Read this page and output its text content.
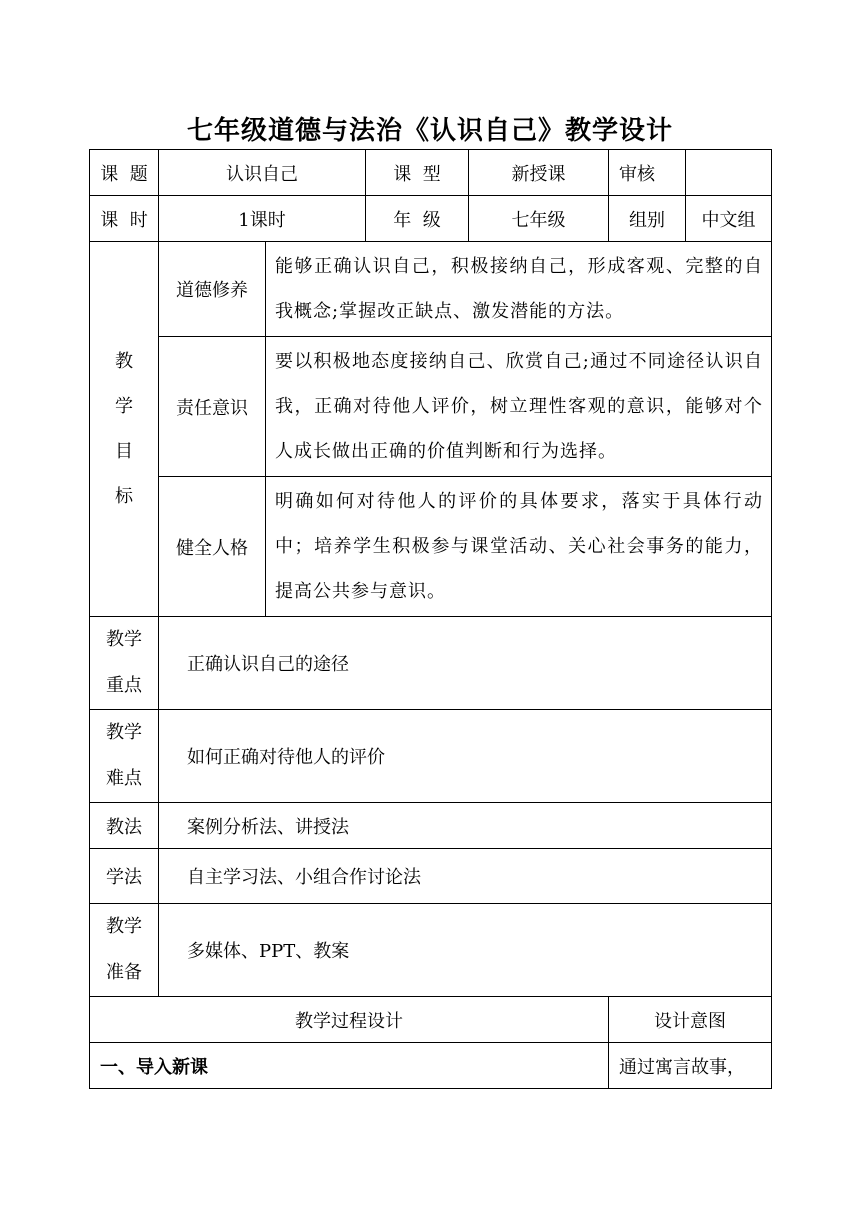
七年级道德与法治《认识自己》教学设计
课  题	认识自己		课  型	新授课	审核	
课  时	1课时		年  级	七年级	组别	中文组

教
学
目
标	道德修养	能够正确认识自己，积极接纳自己，形成客观、完整的自我概念;掌握改正缺点、激发潜能的方法。				
	责任意识	要以积极地态度接纳自己、欣赏自己;通过不同途径认识自我，正确对待他人评价，树立理性客观的意识，能够对个人成长做出正确的价值判断和行为选择。				
	健全人格	明确如何对待他人的评价的具体要求，落实于具体行动中；培养学生积极参与课堂活动、关心社会事务的能力，提高公共参与意识。				

教学
重点	正确认识自己的途径					

教学
难点	如何正确对待他人的评价					
教法	案例分析法、讲授法					
学法	自主学习法、小组合作讨论法					

教学
准备	多媒体、PPT、教案					
教学过程设计					设计意图	
一、导入新课					通过寓言故事，	
